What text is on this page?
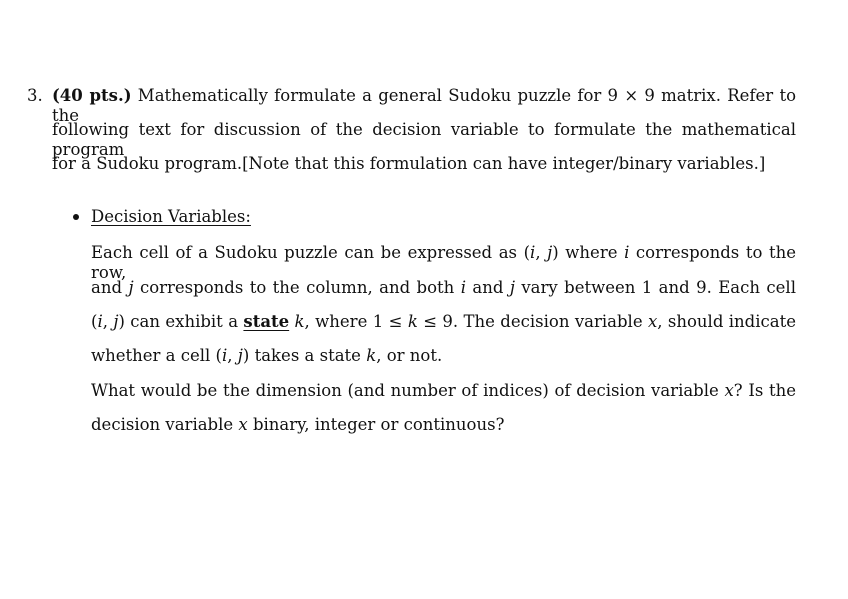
3. (40 pts.) Mathematically formulate a general Sudoku puzzle for 9 × 9 matrix. Refer to the
following text for discussion of the decision variable to formulate the mathematical program
for a Sudoku program.[Note that this formulation can have integer/binary variables.]
Decision Variables:
Each cell of a Sudoku puzzle can be expressed as (i, j) where i corresponds to the row,
and j corresponds to the column, and both i and j vary between 1 and 9. Each cell
(i, j) can exhibit a state k, where 1 ≤ k ≤ 9. The decision variable x, should indicate
whether a cell (i, j) takes a state k, or not.
What would be the dimension (and number of indices) of decision variable x? Is the
decision variable x binary, integer or continuous?
